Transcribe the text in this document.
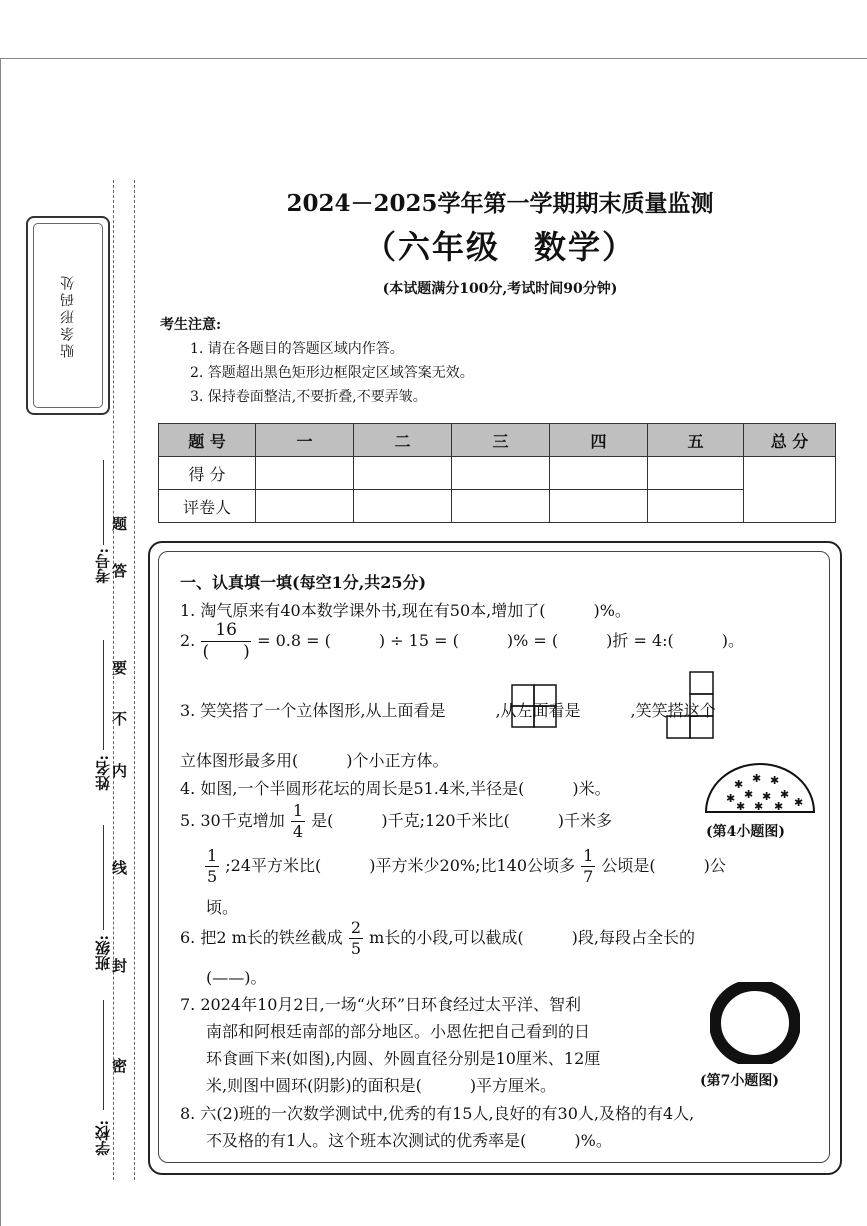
贴条形码处
学校:
班级:
姓名:
考号:
密
封
线
内
不
要
答
题
2024－2025学年第一学期期末质量监测
（六年级　数学）
(本试题满分100分,考试时间90分钟)
考生注意:
1. 请在各题目的答题区域内作答。
2. 答题超出黑色矩形边框限定区域答案无效。
3. 保持卷面整洁,不要折叠,不要弄皱。
题 号	一	二	三	四	五	总 分
得 分						
评卷人						
一、认真填一填(每空1分,共25分)
1. 淘气原来有40本数学课外书,现在有50本,增加了(　　　)%。
2. $\frac{16}{( )} = 0.8$ = (　　　) ÷ 15 = (　　　)% = (　　　)折 = 4:(　　　)。
3. 笑笑搭了一个立体图形,从上面看是	,从左面看是	,笑笑搭这个
立体图形最多用(　　　)个小正方体。
4. 如图,一个半圆形花坛的周长是51.4米,半径是(　　　)米。	✱ ✱ ✱
✱ ✱ ✱ ✱
✱
✱ ✱ ✱
(第4小题图)
5. 30千克增加 $\frac{1}{4}$ 是(　　　)千克;120千米比(　　　)千米多
$\frac{1}{5}$ ;24平方米比(　　　)平方米少20%;比140公顷多 $\frac{1}{7}$ 公顷是(　　　)公
顷。
6. 把2 m长的铁丝截成 $\frac{2}{5}$ m长的小段,可以截成(　　　)段,每段占全长的
(——)。
7. 2024年10月2日,一场“火环”日环食经过太平洋、智利
南部和阿根廷南部的部分地区。小恩佐把自己看到的日
环食画下来(如图),内圆、外圆直径分别是10厘米、12厘
米,则图中圆环(阴影)的面积是(　　　)平方厘米。	(第7小题图)
8. 六(2)班的一次数学测试中,优秀的有15人,良好的有30人,及格的有4人,
不及格的有1人。这个班本次测试的优秀率是(　　　)%。
